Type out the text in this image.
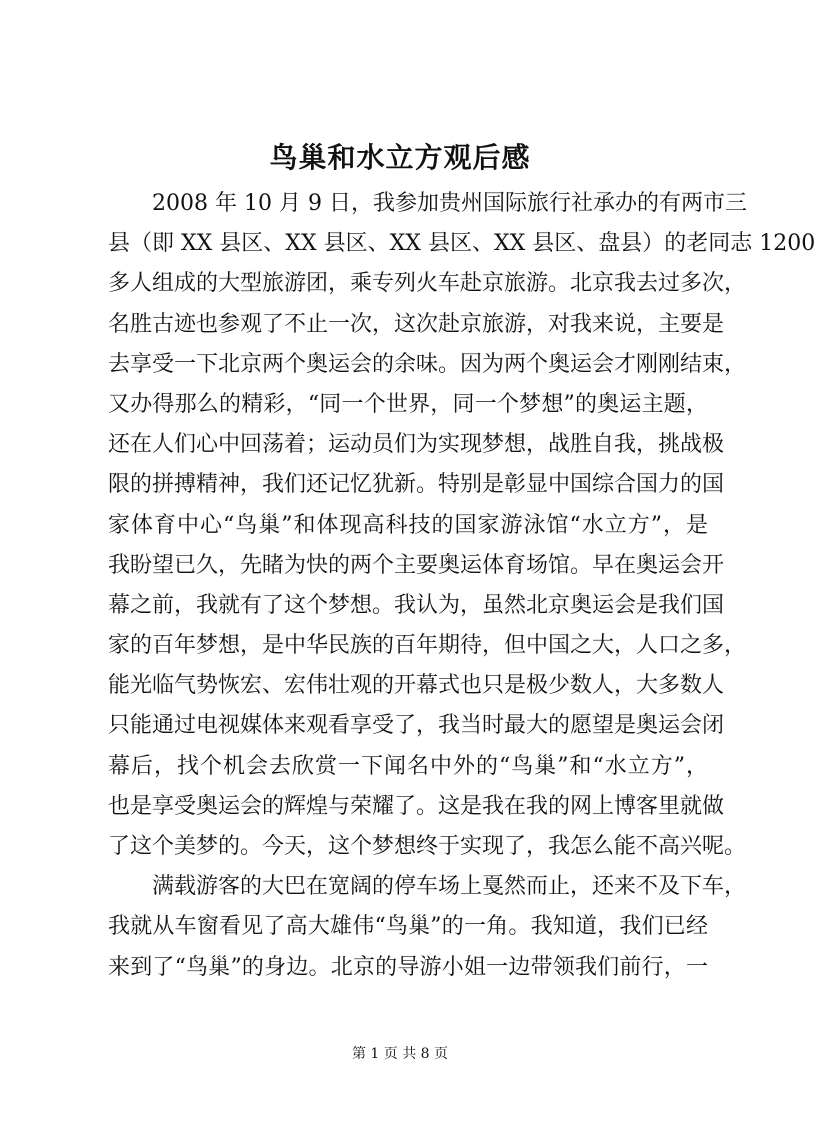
鸟巢和水立方观后感

2008 年 10 月 9 日，我参加贵州国际旅行社承办的有两市三
县（即 XX 县区、XX 县区、XX 县区、XX 县区、盘县）的老同志 1200
多人组成的大型旅游团，乘专列火车赴京旅游。北京我去过多次，
名胜古迹也参观了不止一次，这次赴京旅游，对我来说，主要是
去享受一下北京两个奥运会的余味。因为两个奥运会才刚刚结束，
又办得那么的精彩，“同一个世界，同一个梦想”的奥运主题，
还在人们心中回荡着；运动员们为实现梦想，战胜自我，挑战极
限的拼搏精神，我们还记忆犹新。特别是彰显中国综合国力的国
家体育中心“鸟巢”和体现高科技的国家游泳馆“水立方”，是
我盼望已久，先睹为快的两个主要奥运体育场馆。早在奥运会开
幕之前，我就有了这个梦想。我认为，虽然北京奥运会是我们国
家的百年梦想，是中华民族的百年期待，但中国之大，人口之多，
能光临气势恢宏、宏伟壮观的开幕式也只是极少数人，大多数人
只能通过电视媒体来观看享受了，我当时最大的愿望是奥运会闭
幕后，找个机会去欣赏一下闻名中外的“鸟巢”和“水立方”，
也是享受奥运会的辉煌与荣耀了。这是我在我的网上博客里就做
了这个美梦的。今天，这个梦想终于实现了，我怎么能不高兴呢。

满载游客的大巴在宽阔的停车场上戛然而止，还来不及下车，
我就从车窗看见了高大雄伟“鸟巢”的一角。我知道，我们已经
来到了“鸟巢”的身边。北京的导游小姐一边带领我们前行，一

第 1 页 共 8 页
